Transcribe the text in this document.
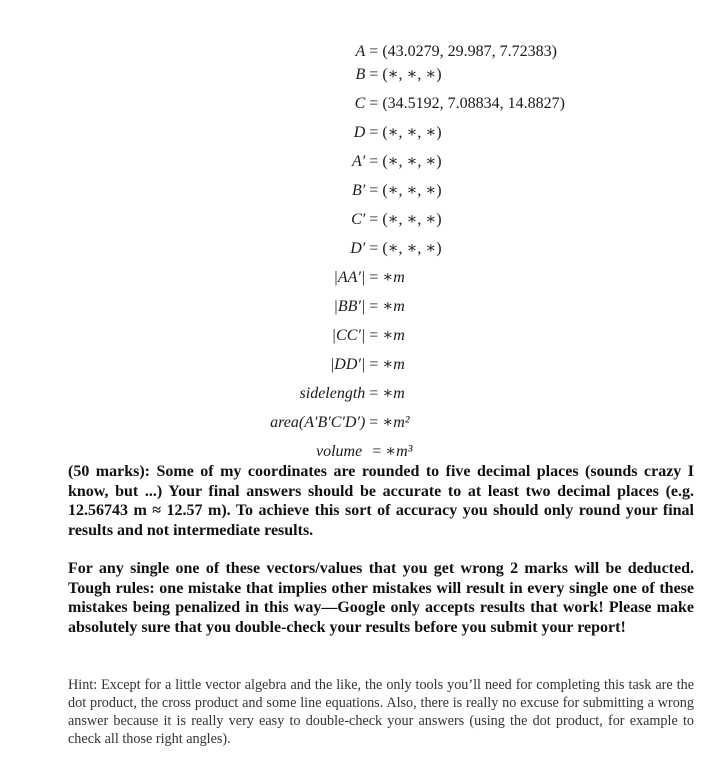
A = (43.0279, 29.987, 7.72383)
B = (∗, ∗, ∗)
C = (34.5192, 7.08834, 14.8827)
D = (∗, ∗, ∗)
A′ = (∗, ∗, ∗)
B′ = (∗, ∗, ∗)
C′ = (∗, ∗, ∗)
D′ = (∗, ∗, ∗)
|AA′| = ∗m
|BB′| = ∗m
|CC′| = ∗m
|DD′| = ∗m
sidelength = ∗m
area(A′B′C′D′) = ∗m²
volume = ∗m³
(50 marks): Some of my coordinates are rounded to five decimal places (sounds crazy I know, but ...) Your final answers should be accurate to at least two decimal places (e.g. 12.56743 m ≈ 12.57 m). To achieve this sort of accuracy you should only round your final results and not intermediate results.
For any single one of these vectors/values that you get wrong 2 marks will be deducted. Tough rules: one mistake that implies other mistakes will result in every single one of these mistakes being penalized in this way—Google only accepts results that work! Please make absolutely sure that you double-check your results before you submit your report!
Hint: Except for a little vector algebra and the like, the only tools you’ll need for completing this task are the dot product, the cross product and some line equations. Also, there is really no excuse for submitting a wrong answer because it is really very easy to double-check your answers (using the dot product, for example to check all those right angles).
